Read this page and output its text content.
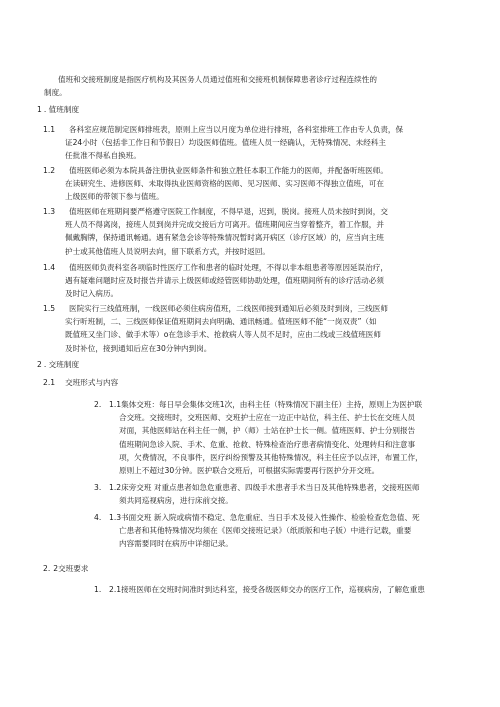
值班和交接班制度是指医疗机构及其医务人员通过值班和交接班机制保障患者诊疗过程连续性的
制度。
1 . 值班制度
1.1	各科室应规范制定医师排班表，原则上应当以月度为单位进行排班，各科室排班工作由专人负责，保
证24小时（包括非工作日和节假日）均设医师值班。值班人员一经确认，无特殊情况、未经科主
任批准不得私自换班。
1.2	值班医师必须为本院具备注册执业医师条件和独立胜任本职工作能力的医师，并配备听班医师。
在读研究生、进修医师、未取得执业医师资格的医师、见习医师、实习医师不得独立值班，可在
上级医师的带领下参与值班。
1.3	值班医师在班期间要严格遵守医院工作制度，不得早退，迟到，脱岗。接班人员未按时到岗，交
班人员不得离岗，接班人员到岗并完成交接后方可离开。值班期间应当穿着整齐，着工作服，并
佩戴胸牌，保持通讯畅通。遇有紧急会诊等特殊情况暂时离开病区（诊疗区域）的，应当向主班
护士或其他值班人员说明去向，留下联系方式，并按时返回。
1.4	值班医师负责科室各项临时性医疗工作和患者的临时处理，不得以非本组患者等原因延误治疗，
遇有疑难问题时应及时报告并请示上级医师或经管医师协助处理，值班期间所有的诊疗活动必须
及时记入病历。
1.5	医院实行三线值班制，一线医师必须住病房值班，二线医师接到通知后必须及时到岗，三线医师
实行听班制，二、三线医师保证值班期间去向明确、通讯畅通。值班医师不能“一岗双责”（如
既值班又坐门诊、做手术等）o在急诊手术、抢救病人等人员不足时，应由二线或三线值班医师
及时补位，接到通知后应在30分钟内到岗。
2 . 交班制度
2.1 交班形式与内容
2. 1.1集体交班：每日早会集体交班1次，由科主任（特殊情况下副主任）主持，原则上为医护联
合交班。交接班时，交班医师、交班护士应在一边正中站位，科主任、护士长在交班人员
对面，其他医师站在科主任一侧，护（师）士站在护士长一侧。值班医师、护士分别报告
值班期间急诊入院、手术、危重、抢救、特殊检查治疗患者病情变化、处理转归和注意事
项，欠费情况，不良事件，医疗纠纷预警及其他特殊情况，科主任应予以点评，布置工作，
原则上不超过30分钟。医护联合交班后，可根据实际需要再行医护分开交班。
3. 1.2床旁交班 对重点患者如急危重患者、四级手术患者手术当日及其他特殊患者，交接班医师
须共同巡视病房，进行床前交接。
4. 1.3书面交班 新入院或病情不稳定、急危重症、当日手术及侵入性操作、检验检查危急值、死
亡患者和其他特殊情况均须在《医师交接班记录》（纸质版和电子版）中进行记载，重要
内容需要同时在病历中详细记录。
2. 2交班要求
1. 2.1接班医师在交班时间准时到达科室，接受各级医师交办的医疗工作，巡视病房，了解危重患
